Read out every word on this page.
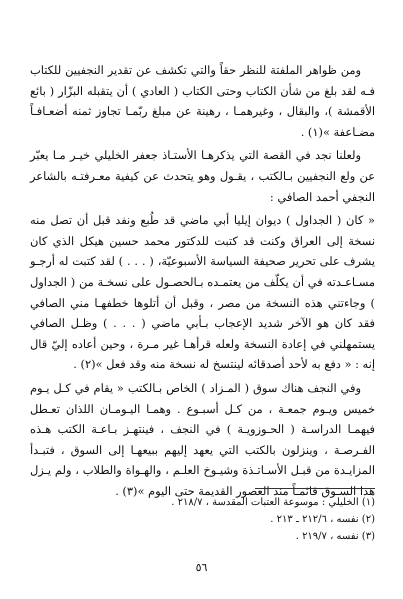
ومن ظواهر الملفتة للنظر حقاً والتي تكشف عن تقدير النجفيين للكتاب فـه لقد بلغ من شأن الكتاب وحتى الكتاب ( العادي ) أن يتقبله البزّار ( بائع الأقمشة )، والبقال ، وغيرهمـا ، رهينة عن مبلغ ربّمـا تجاوز ثمنه أضعـافـاً مضـاعفة »(١) .

ولعلنا نجد في القصة التي يذكرهـا الأستـاذ جعفر الخليلي خيـر مـا يعبّر عن ولع النجفيين بـالكتب ، يقـول وهو يتحدث عن كيفية معـرفتـه بالشاعر النجفي أحمد الصافي :

« كان ( الجداول ) ديوان إيليا أبي ماضي قد طُبع ونفد قبل أن تصل منه نسخة إلى العراق وكنت قد كتبت للدكتور محمد حسين هيكل الذي كان يشرف على تحرير صحيفة السياسة الأسبوعيّة، ( . . . ) لقد كتبت له أرجـو مسـاعـدته في أن يكلّف من يعتمـده بـالحصـول على نسخـة من ( الجداول ) وجاءتني هذه النسخة من مصر ، وقبل أن أتلوها خطفهـا مني الصافي فقد كان هو الآخر شديد الإعجاب بـأبي ماضي ( . . . ) وظـل الصافي يستمهلني في إعادة النسخة ولعله قرأهـا غير مـرة ، وحين أعاده إليّ قال إنه : « دفع به لأحد أصدقائه لينتسخ له نسخة منه وقد فعل »(٢) .

وفي النجف هناك سوق ( المـزاد ) الخاص بـالكتب « يقام في كـل يـوم خميس ويـوم جمعـة ، من كـل أسبـوع . وهمـا اليـومـان اللذان تعـطل فيهمـا الدراسـة ( الحـوزويـة ) في النجف ، فينتهـز بـاعـة الكتب هـذه الفـرصـة ، وينزلون بالكتب التي يعهد إليهم ببيعهـا إلى السوق ، فتبـدأ المزايـدة من قبـل الأسـاتـذة وشيـوخ العلـم ، والهـواة والطلاب ، ولم يـزل هذا السـوق قائمـاً منذ العصور القديمة حتى اليوم »(٣) .

(١) الخليلي : موسوعة العتبات المقدسة ، ٢١٨/٧ .
(٢) نفسه ، ٢١٢/٦ ـ ٢١٣ .
(٣) نفسه ، ٢١٩/٧ .
٥٦
